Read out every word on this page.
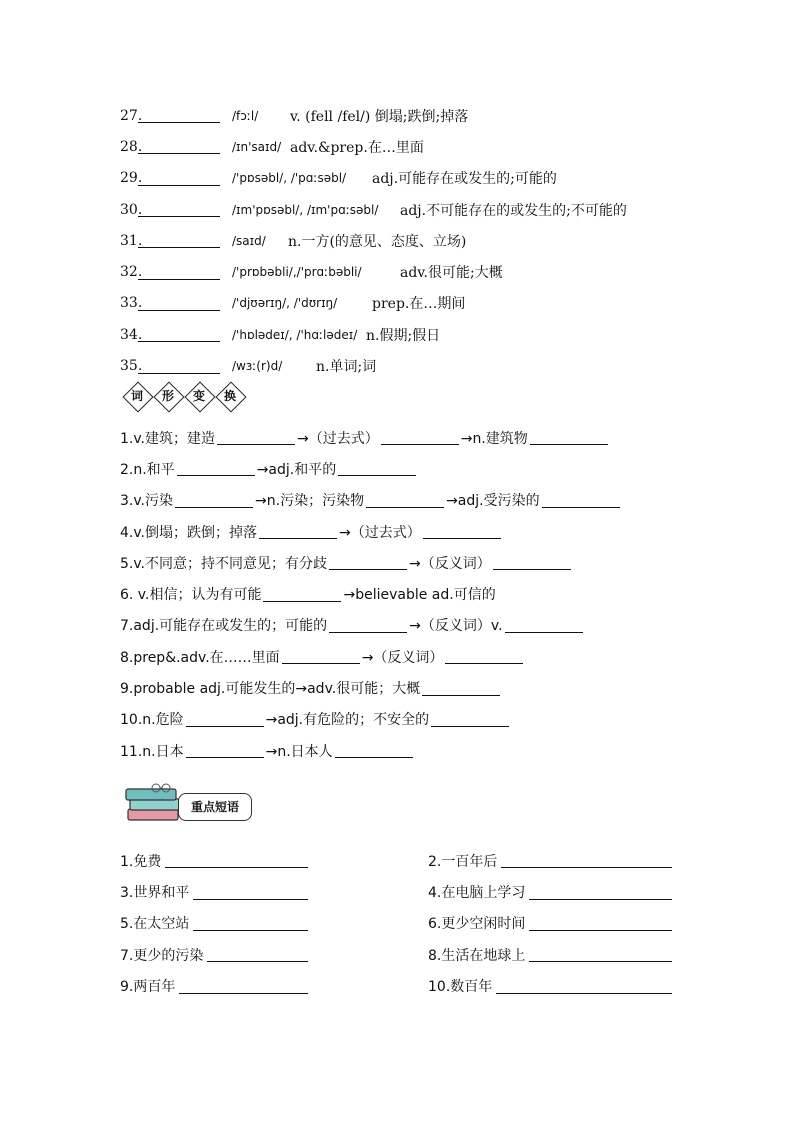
27.	/fɔːl/	v. (fell /fel/) 倒塌;跌倒;掉落
28.	/ɪn'saɪd/ adv.&prep.在…里面
29.	/'pɒsəbl/, /'pɑːsəbl/	adj.可能存在或发生的;可能的
30.	/ɪm'pɒsəbl/, /ɪm'pɑːsəbl/	adj.不可能存在的或发生的;不可能的
31.	/saɪd/	n.一方(的意见、态度、立场)
32.	/'prɒbəbli/,/'prɑːbəbli/	adv.很可能;大概
33.	/'djʊərɪŋ/, /'dʊrɪŋ/	prep.在…期间
34.	/'hɒlədeɪ/, /'hɑːlədeɪ/ n.假期;假日
35.	/wɜː(r)d/	n.单词;词
词	形	变	换
1.v.建筑；建造	→（过去式）	→n.建筑物
2.n.和平	→adj.和平的
3.v.污染	→n.污染；污染物	→adj.受污染的
4.v.倒塌；跌倒；掉落	→（过去式）
5.v.不同意；持不同意见；有分歧	→（反义词）
6. v.相信；认为有可能	→believable ad.可信的
7.adj.可能存在或发生的；可能的	→（反义词）v.
8.prep&.adv.在……里面	→（反义词）
9.probable adj.可能发生的→adv.很可能；大概
10.n.危险	→adj.有危险的；不安全的
11.n.日本	→n.日本人
重点短语
1.免费	2.一百年后
3.世界和平	4.在电脑上学习
5.在太空站	6.更少空闲时间
7.更少的污染	8.生活在地球上
9.两百年	10.数百年
